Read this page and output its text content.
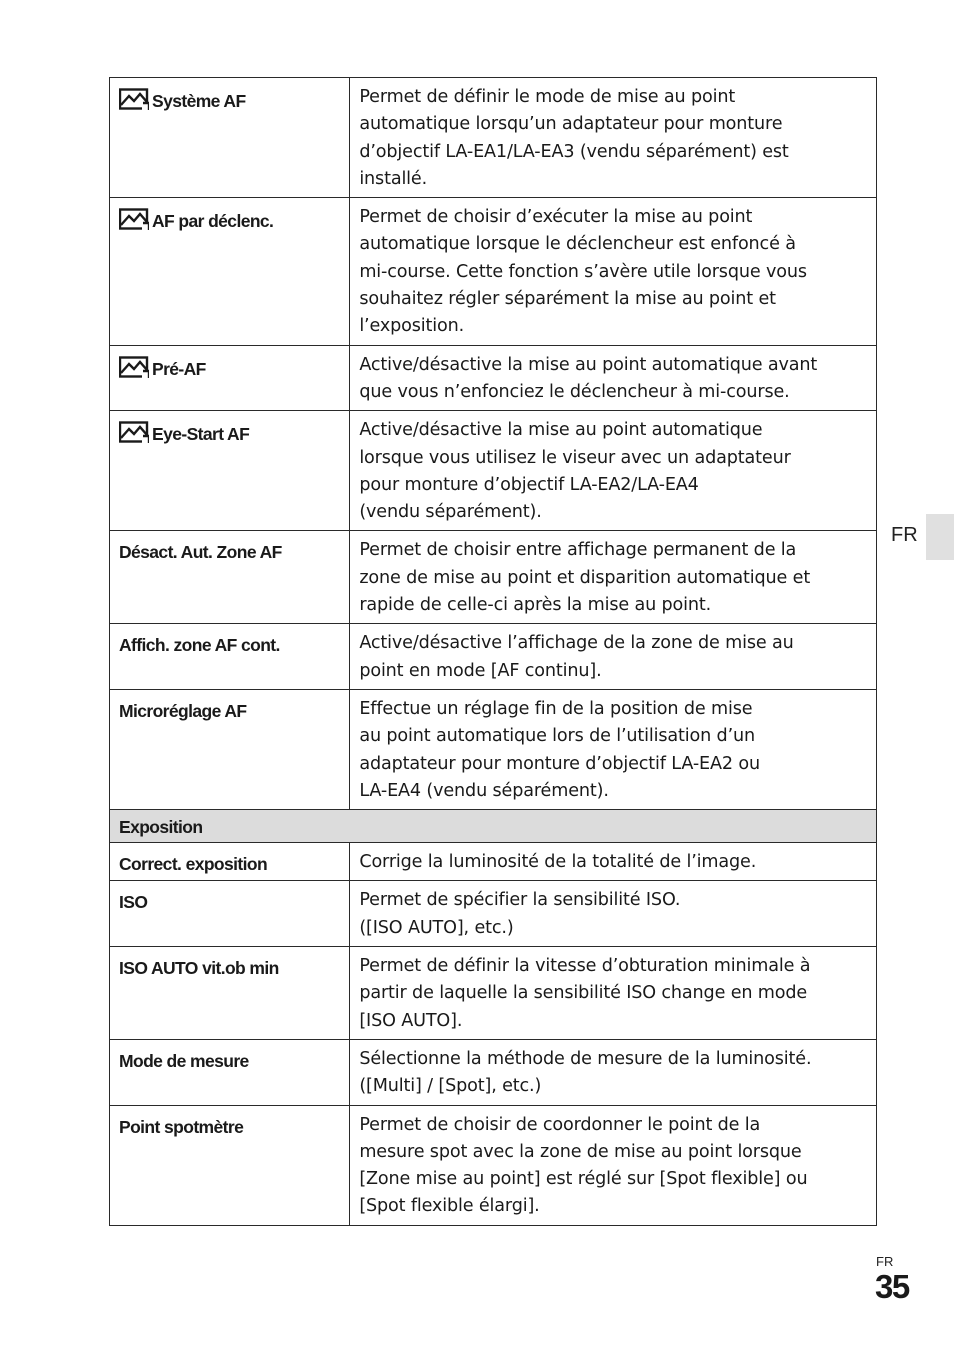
Système AF	Permet de définir le mode de mise au point
automatique lorsqu’un adaptateur pour monture
d’objectif LA-EA1/LA-EA3 (vendu séparément) est
installé.

AF par déclenc.	Permet de choisir d’exécuter la mise au point
automatique lorsque le déclencheur est enfoncé à
mi-course. Cette fonction s’avère utile lorsque vous
souhaitez régler séparément la mise au point et
l’exposition.

Pré-AF	Active/désactive la mise au point automatique avant
que vous n’enfonciez le déclencheur à mi-course.

Eye-Start AF	Active/désactive la mise au point automatique
lorsque vous utilisez le viseur avec un adaptateur
pour monture d’objectif LA-EA2/LA-EA4
(vendu séparément).

Désact. Aut. Zone AF	Permet de choisir entre affichage permanent de la
zone de mise au point et disparition automatique et
rapide de celle-ci après la mise au point.

Affich. zone AF cont.	Active/désactive l’affichage de la zone de mise au
point en mode [AF continu].

Microréglage AF	Effectue un réglage fin de la position de mise
au point automatique lors de l’utilisation d’un
adaptateur pour monture d’objectif LA-EA2 ou
LA-EA4 (vendu séparément).

Exposition	

Correct. exposition	Corrige la luminosité de la totalité de l’image.

ISO	Permet de spécifier la sensibilité ISO.
([ISO AUTO], etc.)

ISO AUTO vit.ob min	Permet de définir la vitesse d’obturation minimale à
partir de laquelle la sensibilité ISO change en mode
[ISO AUTO].

Mode de mesure	Sélectionne la méthode de mesure de la luminosité.
([Multi] / [Spot], etc.)

Point spotmètre	Permet de choisir de coordonner le point de la
mesure spot avec la zone de mise au point lorsque
[Zone mise au point] est réglé sur [Spot flexible] ou
[Spot flexible élargi].
FR
FR
35
